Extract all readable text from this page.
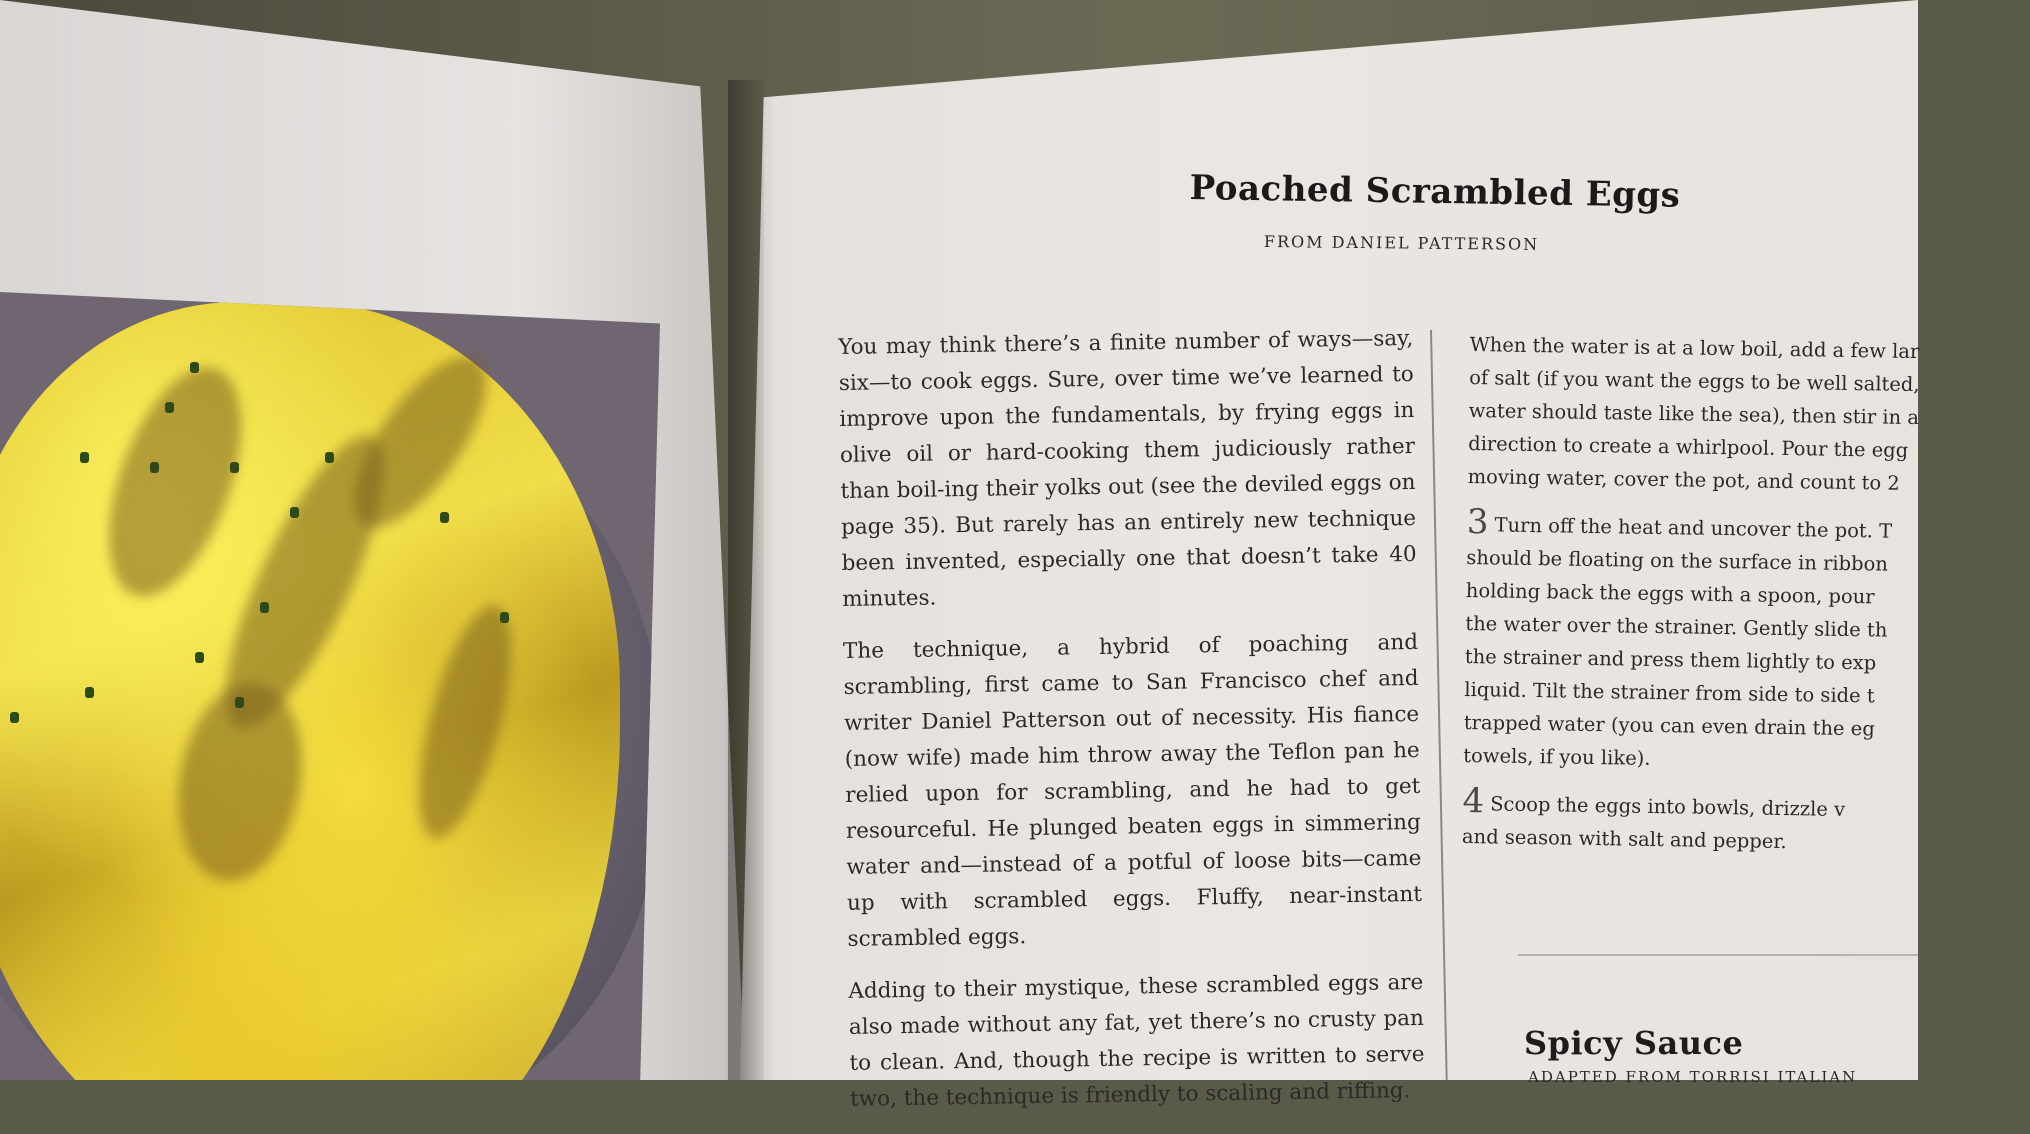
Poached Scrambled Eggs
FROM DANIEL PATTERSON

You may think there’s a finite number of ways—say, six—to cook eggs. Sure, over time we’ve learned to improve upon the fundamentals, by frying eggs in olive oil or hard-cooking them judiciously rather than boil-ing their yolks out (see the deviled eggs on page 35). But rarely has an entirely new technique been invented, especially one that doesn’t take 40 minutes.

The technique, a hybrid of poaching and scrambling, first came to San Francisco chef and writer Daniel Patterson out of necessity. His fiance (now wife) made him throw away the Teflon pan he relied upon for scrambling, and he had to get resourceful. He plunged beaten eggs in simmering water and—instead of a potful of loose bits—came up with scrambled eggs. Fluffy, near-instant scrambled eggs.

Adding to their mystique, these scrambled eggs are also made without any fat, yet there’s no crusty pan to clean. And, though the recipe is written to serve two, the technique is friendly to scaling and riffing.

When the water is at a low boil, add a few lar
of salt (if you want the eggs to be well salted,
water should taste like the sea), then stir in a
direction to create a whirlpool. Pour the egg
moving water, cover the pot, and count to 2

3 Turn off the heat and uncover the pot. T
should be floating on the surface in ribbon
holding back the eggs with a spoon, pour
the water over the strainer. Gently slide th
the strainer and press them lightly to exp
liquid. Tilt the strainer from side to side t
trapped water (you can even drain the eg
towels, if you like).

4 Scoop the eggs into bowls, drizzle v
and season with salt and pepper.

Spicy Sauce
ADAPTED FROM TORRISI ITALIAN
